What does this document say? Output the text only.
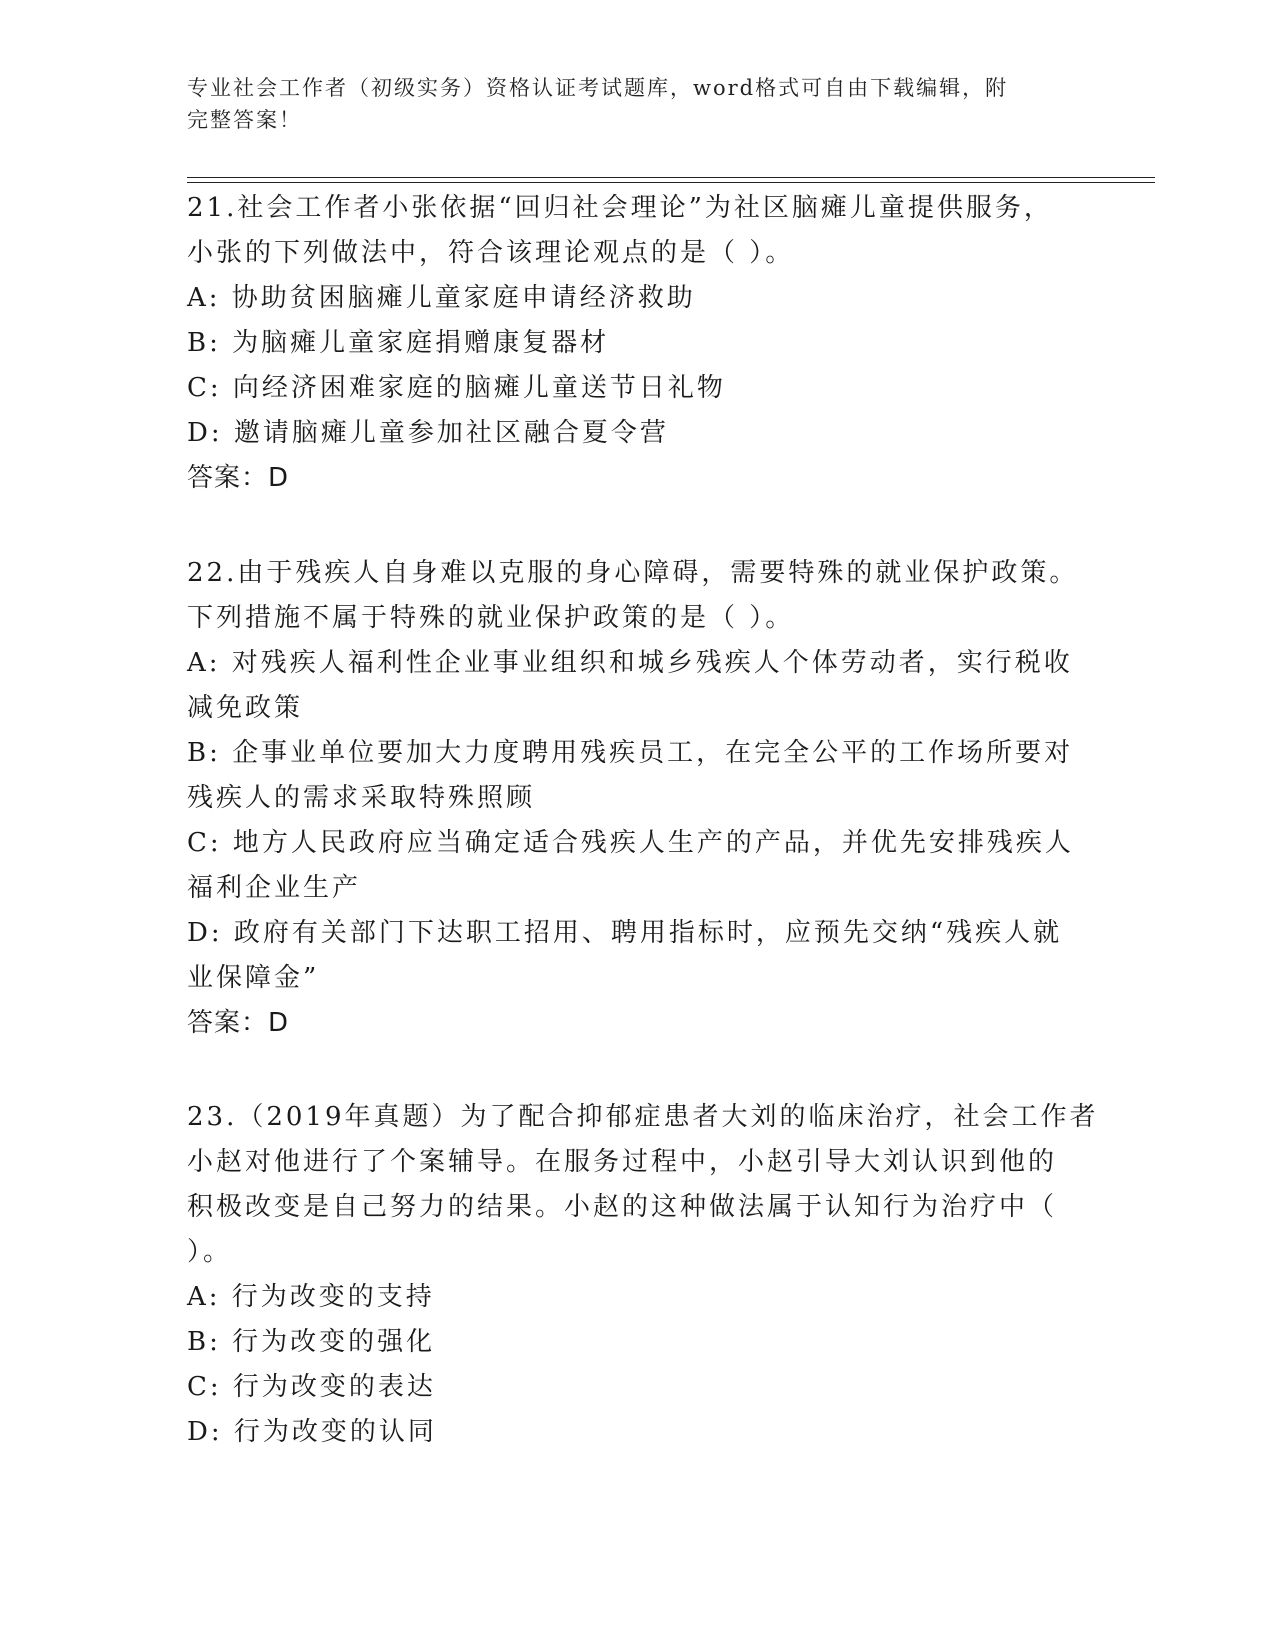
专业社会工作者（初级实务）资格认证考试题库，word格式可自由下载编辑，附
完整答案！
21.社会工作者小张依据“回归社会理论”为社区脑瘫儿童提供服务，
小张的下列做法中，符合该理论观点的是（ ）。
A: 协助贫困脑瘫儿童家庭申请经济救助
B: 为脑瘫儿童家庭捐赠康复器材
C: 向经济困难家庭的脑瘫儿童送节日礼物
D: 邀请脑瘫儿童参加社区融合夏令营
答案：D
22.由于残疾人自身难以克服的身心障碍，需要特殊的就业保护政策。
下列措施不属于特殊的就业保护政策的是（ ）。
A: 对残疾人福利性企业事业组织和城乡残疾人个体劳动者，实行税收
减免政策
B: 企事业单位要加大力度聘用残疾员工，在完全公平的工作场所要对
残疾人的需求采取特殊照顾
C: 地方人民政府应当确定适合残疾人生产的产品，并优先安排残疾人
福利企业生产
D: 政府有关部门下达职工招用、聘用指标时，应预先交纳“残疾人就
业保障金”
答案：D
23.（2019年真题）为了配合抑郁症患者大刘的临床治疗，社会工作者
小赵对他进行了个案辅导。在服务过程中，小赵引导大刘认识到他的
积极改变是自己努力的结果。小赵的这种做法属于认知行为治疗中（
）。
A: 行为改变的支持
B: 行为改变的强化
C: 行为改变的表达
D: 行为改变的认同
